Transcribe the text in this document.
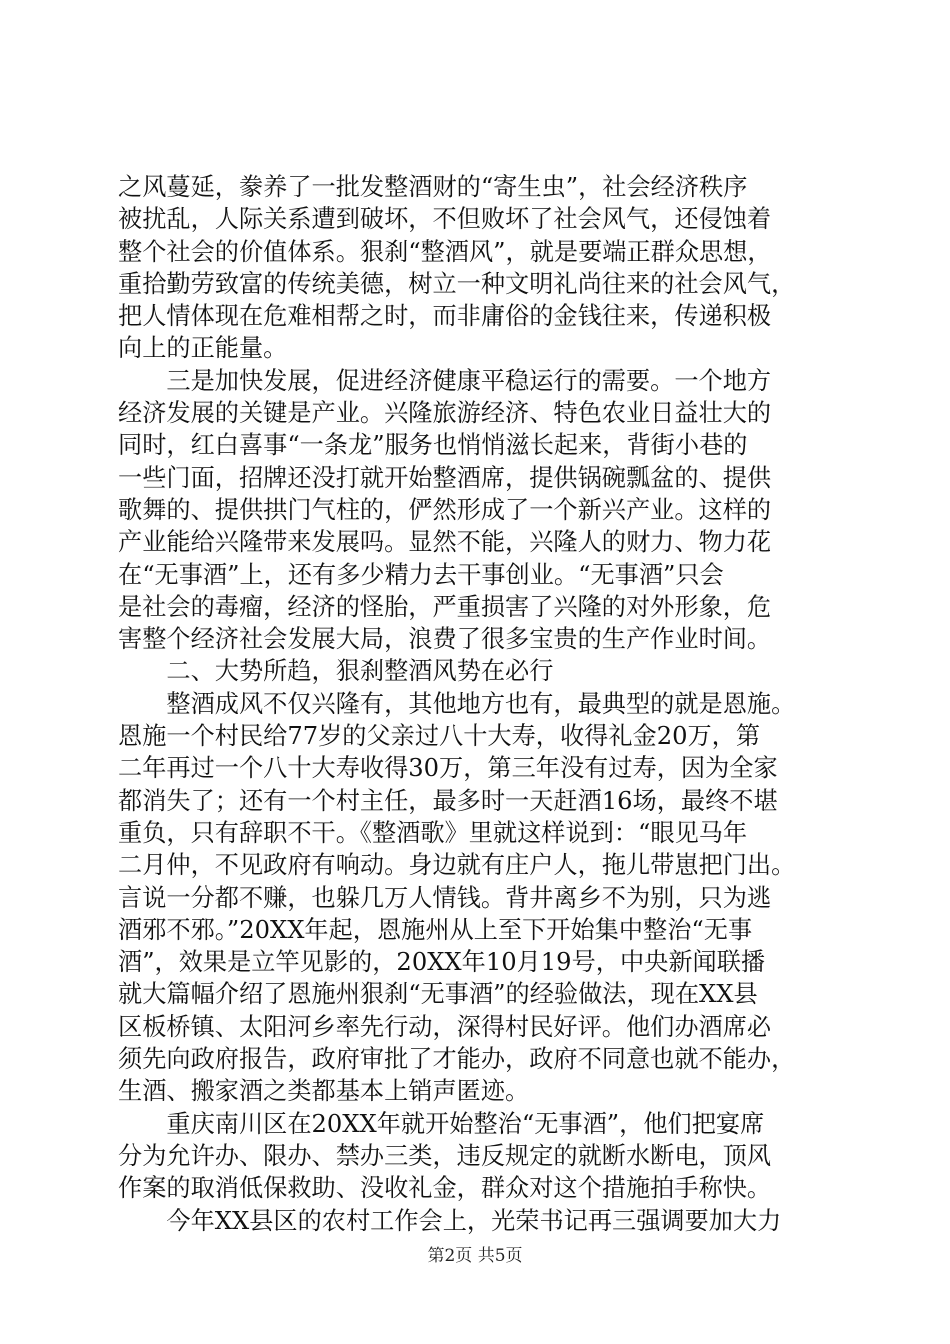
之风蔓延，豢养了一批发整酒财的“寄生虫”，社会经济秩序
被扰乱，人际关系遭到破坏，不但败坏了社会风气，还侵蚀着
整个社会的价值体系。狠刹“整酒风”，就是要端正群众思想，
重拾勤劳致富的传统美德，树立一种文明礼尚往来的社会风气，
把人情体现在危难相帮之时，而非庸俗的金钱往来，传递积极
向上的正能量。
　　三是加快发展，促进经济健康平稳运行的需要。一个地方
经济发展的关键是产业。兴隆旅游经济、特色农业日益壮大的
同时，红白喜事“一条龙”服务也悄悄滋长起来，背街小巷的
一些门面，招牌还没打就开始整酒席，提供锅碗瓢盆的、提供
歌舞的、提供拱门气柱的，俨然形成了一个新兴产业。这样的
产业能给兴隆带来发展吗。显然不能，兴隆人的财力、物力花
在“无事酒”上，还有多少精力去干事创业。“无事酒”只会
是社会的毒瘤，经济的怪胎，严重损害了兴隆的对外形象，危
害整个经济社会发展大局，浪费了很多宝贵的生产作业时间。
　　二、大势所趋，狠刹整酒风势在必行
　　整酒成风不仅兴隆有，其他地方也有，最典型的就是恩施。
恩施一个村民给77岁的父亲过八十大寿，收得礼金20万，第
二年再过一个八十大寿收得30万，第三年没有过寿，因为全家
都消失了；还有一个村主任，最多时一天赶酒16场，最终不堪
重负，只有辞职不干。《整酒歌》里就这样说到：“眼见马年
二月仲，不见政府有响动。身边就有庄户人，拖儿带崽把门出。
言说一分都不赚，也躲几万人情钱。背井离乡不为别，只为逃
酒邪不邪。”20XX年起，恩施州从上至下开始集中整治“无事
酒”，效果是立竿见影的，20XX年10月19号，中央新闻联播
就大篇幅介绍了恩施州狠刹“无事酒”的经验做法，现在XX县
区板桥镇、太阳河乡率先行动，深得村民好评。他们办酒席必
须先向政府报告，政府审批了才能办，政府不同意也就不能办，
生酒、搬家酒之类都基本上销声匿迹。
　　重庆南川区在20XX年就开始整治“无事酒”，他们把宴席
分为允许办、限办、禁办三类，违反规定的就断水断电，顶风
作案的取消低保救助、没收礼金，群众对这个措施拍手称快。
　　今年XX县区的农村工作会上，光荣书记再三强调要加大力
第2页 共5页
